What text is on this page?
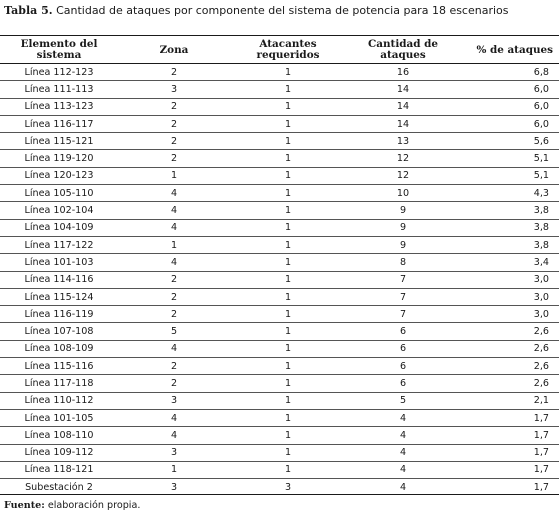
Tabla 5. Cantidad de ataques por componente del sistema de potencia para 18 escenarios
Elemento del sistema	Zona	Atacantes requeridos	Cantidad de ataques	% de ataques
Línea 112-123	2	1	16	6,8
Línea 111-113	3	1	14	6,0
Línea 113-123	2	1	14	6,0
Línea 116-117	2	1	14	6,0
Línea 115-121	2	1	13	5,6
Línea 119-120	2	1	12	5,1
Línea 120-123	1	1	12	5,1
Línea 105-110	4	1	10	4,3
Línea 102-104	4	1	9	3,8
Línea 104-109	4	1	9	3,8
Línea 117-122	1	1	9	3,8
Línea 101-103	4	1	8	3,4
Línea 114-116	2	1	7	3,0
Línea 115-124	2	1	7	3,0
Línea 116-119	2	1	7	3,0
Línea 107-108	5	1	6	2,6
Línea 108-109	4	1	6	2,6
Línea 115-116	2	1	6	2,6
Línea 117-118	2	1	6	2,6
Línea 110-112	3	1	5	2,1
Línea 101-105	4	1	4	1,7
Línea 108-110	4	1	4	1,7
Línea 109-112	3	1	4	1,7
Línea 118-121	1	1	4	1,7
Subestación 2	3	3	4	1,7
Fuente: elaboración propia.
